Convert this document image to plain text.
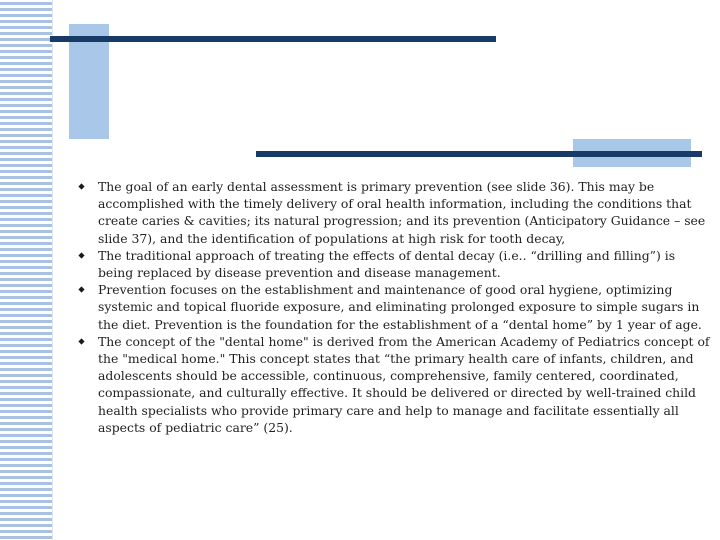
The goal of an early dental assessment is primary prevention (see slide 36). This may be accomplished with the timely delivery of oral health information, including the conditions that create caries & cavities; its natural progression; and its prevention (Anticipatory Guidance – see slide 37), and the identification of populations at high risk for tooth decay,
The traditional approach of treating the effects of dental decay (i.e.. “drilling and filling”) is being replaced by disease prevention and disease management.
Prevention focuses on the establishment and maintenance of good oral hygiene, optimizing systemic and topical fluoride exposure, and eliminating prolonged exposure to simple sugars in the diet. Prevention is the foundation for the establishment of a “dental home” by 1 year of age.
The concept of the "dental home" is derived from the American Academy of Pediatrics concept of the "medical home." This concept states that “the primary health care of infants, children, and adolescents should be accessible, continuous, comprehensive, family centered, coordinated, compassionate, and culturally effective. It should be delivered or directed by well-trained child health specialists who provide primary care and help to manage and facilitate essentially all aspects of pediatric care” (25).
